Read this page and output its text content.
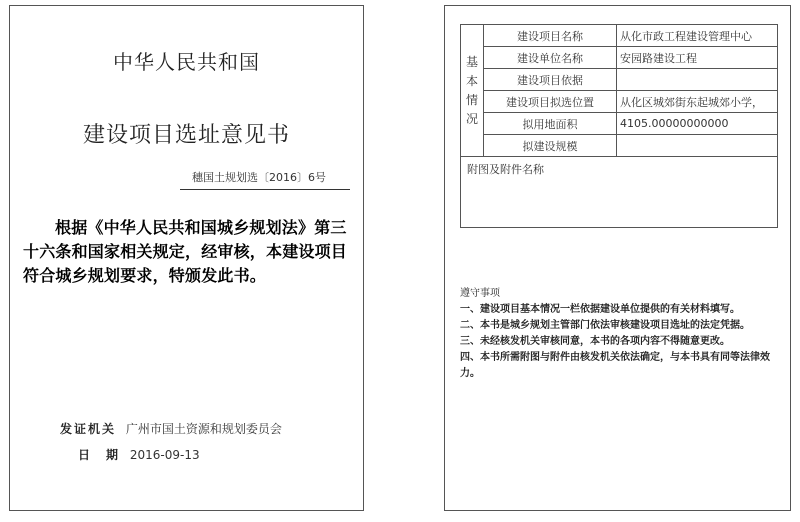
中华人民共和国
建设项目选址意见书
穗国土规划选〔2016〕6号
根据《中华人民共和国城乡规划法》第三十六条和国家相关规定，经审核，本建设项目符合城乡规划要求，特颁发此书。
发证机关 广州市国土资源和规划委员会
日　期 2016-09-13
基本情况	建设项目名称	从化市政工程建设管理中心
	建设单位名称	安园路建设工程
	建设项目依据	
	建设项目拟选位置	从化区城郊街东起城郊小学，
	拟用地面积	4105.00000000000
	拟建设规模	
附图及附件名称		
遵守事项
一、建设项目基本情况一栏依据建设单位提供的有关材料填写。
二、本书是城乡规划主管部门依法审核建设项目选址的法定凭据。
三、未经核发机关审核同意，本书的各项内容不得随意更改。
四、本书所需附图与附件由核发机关依法确定，与本书具有同等法律效力。
